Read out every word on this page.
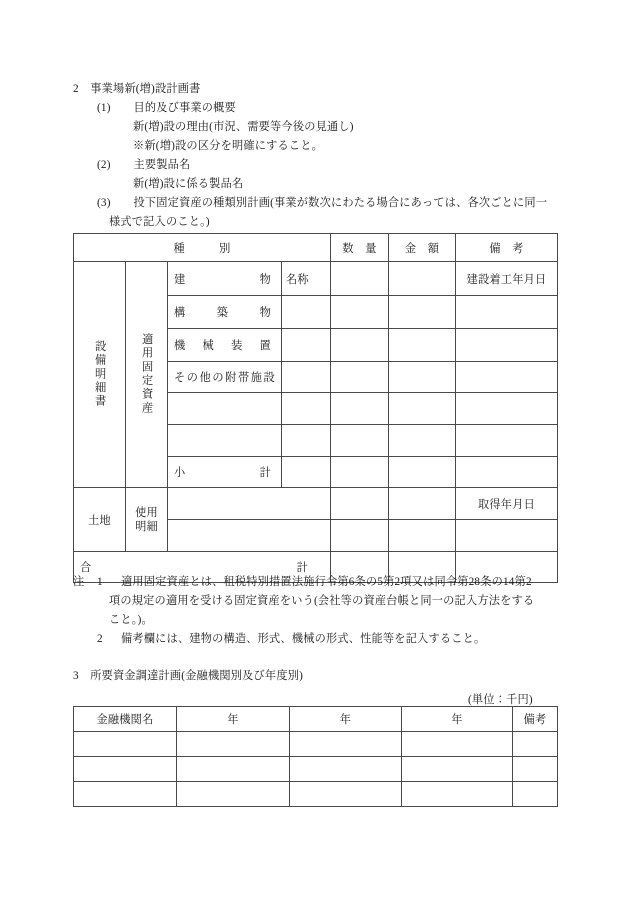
2　 事業場新(増)設計画書
(1)　　 目的及び事業の概要
新(増)設の理由(市況、需要等今後の見通し)
※新(増)設の区分を明確にすること。
(2)　　 主要製品名
新(増)設に係る製品名
(3)　　 投下固定資産の種類別計画(事業が数次にわたる場合にあっては、各次ごとに同一
様式で記入のこと。)
種　　　別				数　量	金　額	備　考

設備明細書	適用固定資産	建 物	名称			建設着工年月日

		構 築 物				

		機 械 装 置				

		その他の附帯施設				

		小 計				

土地	使用明細					取得年月日

合 計						

注 1 適用固定資産とは、租税特別措置法施行令第6条の5第2項又は同令第28条の14第2
項の規定の適用を受ける固定資産をいう(会社等の資産台帳と同一の記入方法をする
こと。)。
2 備考欄には、建物の構造、形式、機械の形式、性能等を記入すること。
3　 所要資金調達計画(金融機関別及び年度別)
(単位：千円)
金融機関名	年	年	年	備考
